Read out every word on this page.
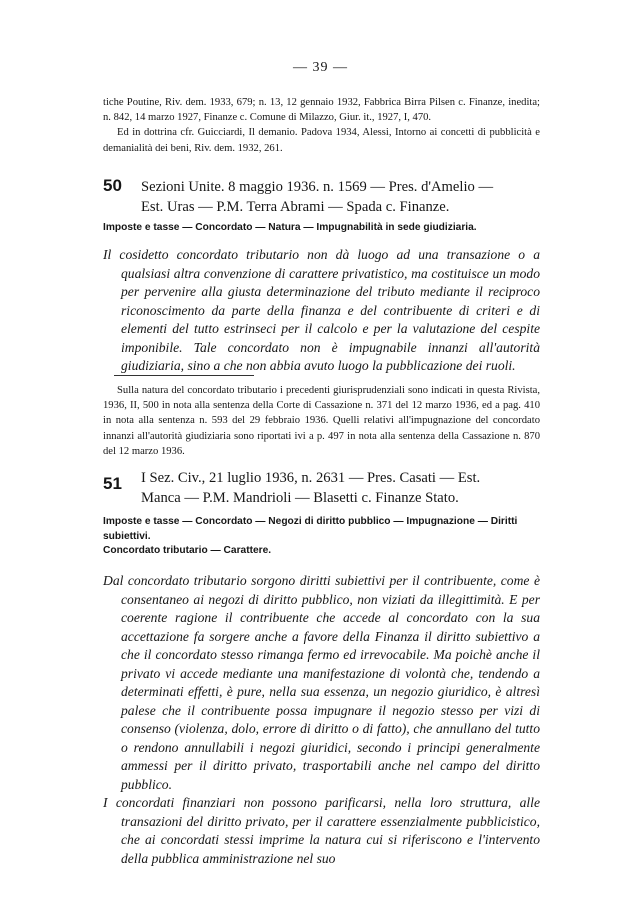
— 39 —

tiche Poutine, Riv. dem. 1933, 679; n. 13, 12 gennaio 1932, Fabbrica Birra Pilsen c. Finanze, inedita; n. 842, 14 marzo 1927, Finanze c. Comune di Milazzo, Giur. it., 1927, I, 470.

Ed in dottrina cfr. Guicciardi, Il demanio. Padova 1934, Alessi, Intorno ai concetti di pubblicità e demanialità dei beni, Riv. dem. 1932, 261.

50 Sezioni Unite. 8 maggio 1936. n. 1569 — Pres. d'Amelio —
Est. Uras — P.M. Terra Abrami — Spada c. Finanze.
Imposte e tasse — Concordato — Natura — Impugnabilità in sede giudiziaria.

Il cosidetto concordato tributario non dà luogo ad una transazione o a qualsiasi altra convenzione di carattere privatistico, ma costituisce un modo per pervenire alla giusta determinazione del tributo mediante il reciproco riconoscimento da parte della finanza e del contribuente di criteri e di elementi del tutto estrinseci per il calcolo e per la valutazione del cespite imponibile. Tale concordato non è impugnabile innanzi all'autorità giudiziaria, sino a che non abbia avuto luogo la pubblicazione dei ruoli.

Sulla natura del concordato tributario i precedenti giurisprudenziali sono indicati in questa Rivista, 1936, II, 500 in nota alla sentenza della Corte di Cassazione n. 371 del 12 marzo 1936, ed a pag. 410 in nota alla sentenza n. 593 del 29 febbraio 1936. Quelli relativi all'impugnazione del concordato innanzi all'autorità giudiziaria sono riportati ivi a p. 497 in nota alla sentenza della Cassazione n. 870 del 12 marzo 1936.

51 I Sez. Civ., 21 luglio 1936, n. 2631 — Pres. Casati — Est.
Manca — P.M. Mandrioli — Blasetti c. Finanze Stato.

Imposte e tasse — Concordato — Negozi di diritto pubblico — Impugnazione — Diritti subiettivi.

Concordato tributario — Carattere.

Dal concordato tributario sorgono diritti subiettivi per il contribuente, come è consentaneo ai negozi di diritto pubblico, non viziati da illegittimità. E per coerente ragione il contribuente che accede al concordato con la sua accettazione fa sorgere anche a favore della Finanza il diritto subiettivo a che il concordato stesso rimanga fermo ed irrevocabile. Ma poichè anche il privato vi accede mediante una manifestazione di volontà che, tendendo a determinati effetti, è pure, nella sua essenza, un negozio giuridico, è altresì palese che il contribuente possa impugnare il negozio stesso per vizi di consenso (violenza, dolo, errore di diritto o di fatto), che annullano del tutto o rendono annullabili i negozi giuridici, secondo i principi generalmente ammessi per il diritto privato, trasportabili anche nel campo del diritto pubblico.

I concordati finanziari non possono parificarsi, nella loro struttura, alle transazioni del diritto privato, per il carattere essenzialmente pubblicistico, che ai concordati stessi imprime la natura cui si riferiscono e l'intervento della pubblica amministrazione nel suo
